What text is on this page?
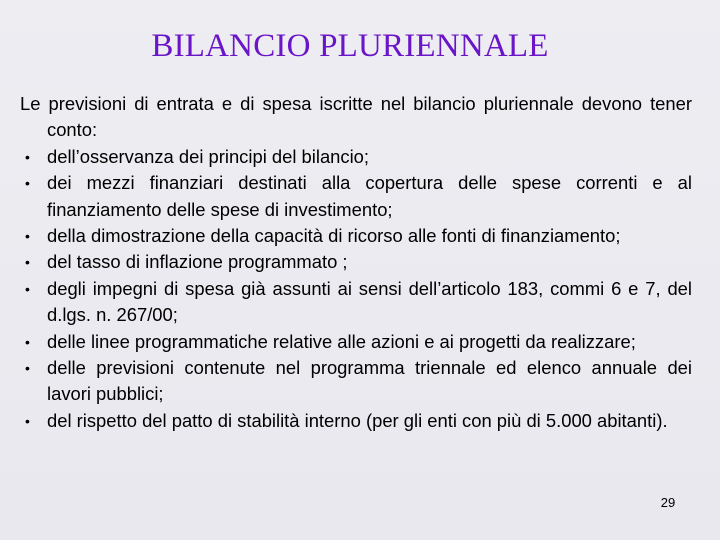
BILANCIO PLURIENNALE

Le previsioni di entrata e di spesa iscritte nel bilancio pluriennale devono tener conto:

• dell’osservanza dei principi del bilancio;
• dei mezzi finanziari destinati alla copertura delle spese correnti e al finanziamento delle spese di investimento;
• della dimostrazione della capacità di ricorso alle fonti di finanziamento;
• del tasso di inflazione programmato ;
• degli impegni di spesa già assunti ai sensi dell’articolo 183, commi 6 e 7, del d.lgs. n. 267/00;
• delle linee programmatiche relative alle azioni e ai progetti da realizzare;
• delle previsioni contenute nel programma triennale ed elenco annuale dei lavori pubblici;
• del rispetto del patto di stabilità interno (per gli enti con più di 5.000 abitanti).
29
